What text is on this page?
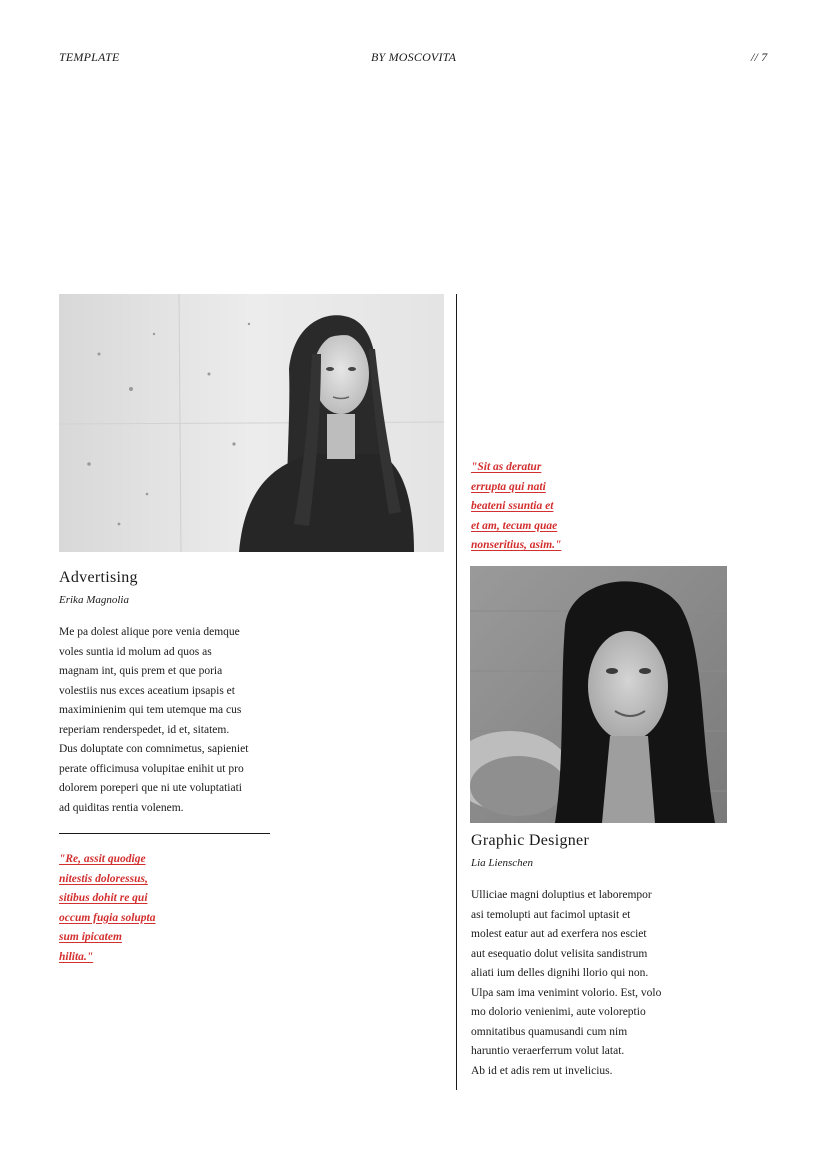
TEMPLATE	BY MOSCOVITA	// 7
Advertising
Erika Magnolia
Me pa dolest alique pore venia demque
voles suntia id molum ad quos as
magnam int, quis prem et que poria
volestiis nus exces aceatium ipsapis et
maximinienim qui tem utemque ma cus
reperiam renderspedet, id et, sitatem.
Dus doluptate con comnimetus, sapieniet
perate officimusa volupitae enihit ut pro
dolorem poreperi que ni ute voluptatiati
ad quiditas rentia volenem.
"Re, assit quodige
nitestis doloressus,
sitibus dohit re qui
occum fugia solupta
sum ipicatem
hilita."
"Sit as deratur
errupta qui nati
beateni ssuntia et
et am, tecum quae
nonseritius, asim."
Graphic Designer
Lia Lienschen
Ulliciae magni doluptius et laborempor
asi temolupti aut facimol uptasit et
molest eatur aut ad exerfera nos esciet
aut esequatio dolut velisita sandistrum
aliati ium delles dignihi llorio qui non.
Ulpa sam ima venimint volorio. Est, volo
mo dolorio venienimi, aute voloreptio
omnitatibus quamusandi cum nim
haruntio veraerferrum volut latat.
Ab id et adis rem ut invelicius.
